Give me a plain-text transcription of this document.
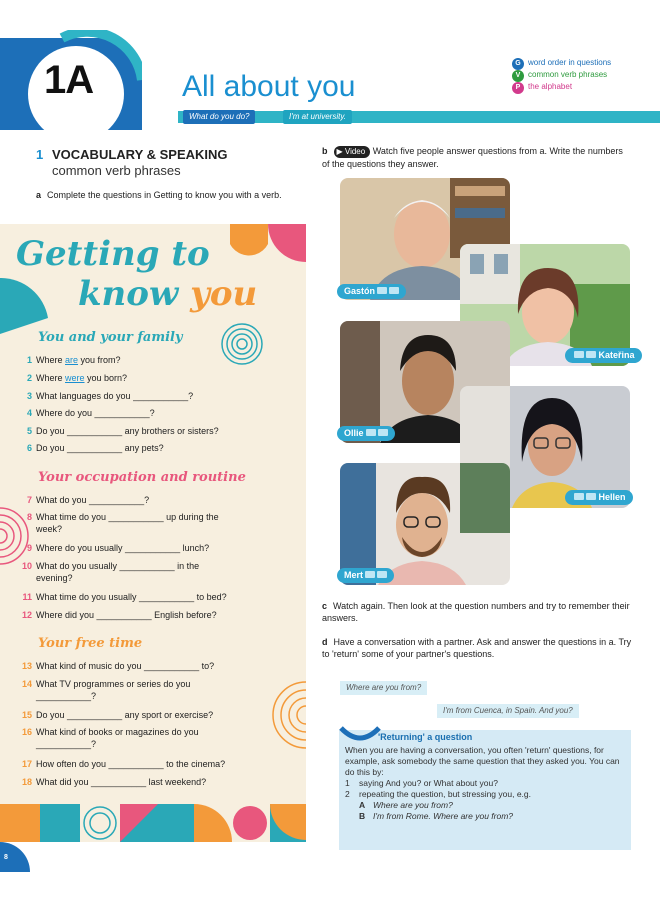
1A	All about you
What do you do?	I'm at university.
G word order in questions
V common verb phrases
P the alphabet
1 VOCABULARY & SPEAKING
common verb phrases
a Complete the questions in Getting to know you with a verb.
Getting to
know you
You and your family
1 Where are you from?
2 Where were you born?
3 What languages do you ___________?
4 Where do you ___________?
5 Do you ___________ any brothers or sisters?
6 Do you ___________ any pets?
Your occupation and routine
7 What do you ___________?
8 What time do you ___________ up during the week?
9 Where do you usually ___________ lunch?
10 What do you usually ___________ in the evening?
11 What time do you usually ___________ to bed?
12 Where did you ___________ English before?
Your free time
13 What kind of music do you ___________ to?
14 What TV programmes or series do you ___________?
15 Do you ___________ any sport or exercise?
16 What kind of books or magazines do you ___________?
17 How often do you ___________ to the cinema?
18 What did you ___________ last weekend?
b ▶ Video Watch five people answer questions from a. Write the numbers of the questions they answer.
Gastón
Kateřina
Ollie
Hellen
Mert
c Watch again. Then look at the question numbers and try to remember their answers.
d Have a conversation with a partner. Ask and answer the questions in a. Try to 'return' some of your partner's questions.
Where are you from?
I'm from Cuenca, in Spain. And you?
'Returning' a question
When you are having a conversation, you often 'return' questions, for example, ask somebody the same question that they asked you. You can do this by:
1 saying And you? or What about you?
2 repeating the question, but stressing you, e.g.
A Where are you from?
B I'm from Rome. Where are you from?
8
